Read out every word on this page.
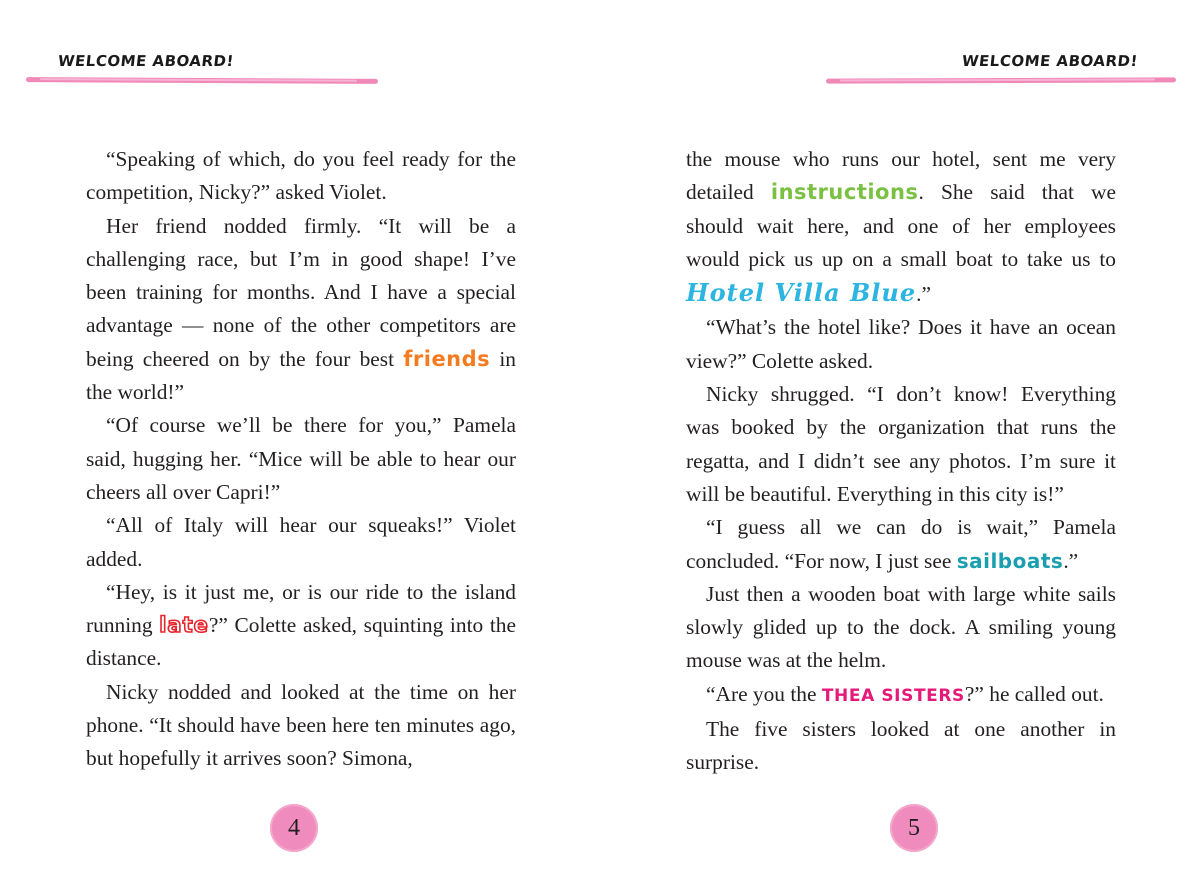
WELCOME ABOARD!	WELCOME ABOARD!

“Speaking of which, do you feel ready for the competition, Nicky?” asked Violet.

Her friend nodded firmly. “It will be a challenging race, but I’m in good shape! I’ve been training for months. And I have a special advantage — none of the other competitors are being cheered on by the four best friends in the world!”

“Of course we’ll be there for you,” Pamela said, hugging her. “Mice will be able to hear our cheers all over Capri!”

“All of Italy will hear our squeaks!” Violet added.

“Hey, is it just me, or is our ride to the island running late?” Colette asked, squinting into the distance.

Nicky nodded and looked at the time on her phone. “It should have been here ten minutes ago, but hopefully it arrives soon? Simona,

the mouse who runs our hotel, sent me very detailed instructions. She said that we should wait here, and one of her employees would pick us up on a small boat to take us to Hotel Villa Blue.”

“What’s the hotel like? Does it have an ocean view?” Colette asked.

Nicky shrugged. “I don’t know! Everything was booked by the organization that runs the regatta, and I didn’t see any photos. I’m sure it will be beautiful. Everything in this city is!”

“I guess all we can do is wait,” Pamela concluded. “For now, I just see sailboats.”

Just then a wooden boat with large white sails slowly glided up to the dock. A smiling young mouse was at the helm.

“Are you the THEA SISTERS?” he called out.

The five sisters looked at one another in surprise.

4	5
